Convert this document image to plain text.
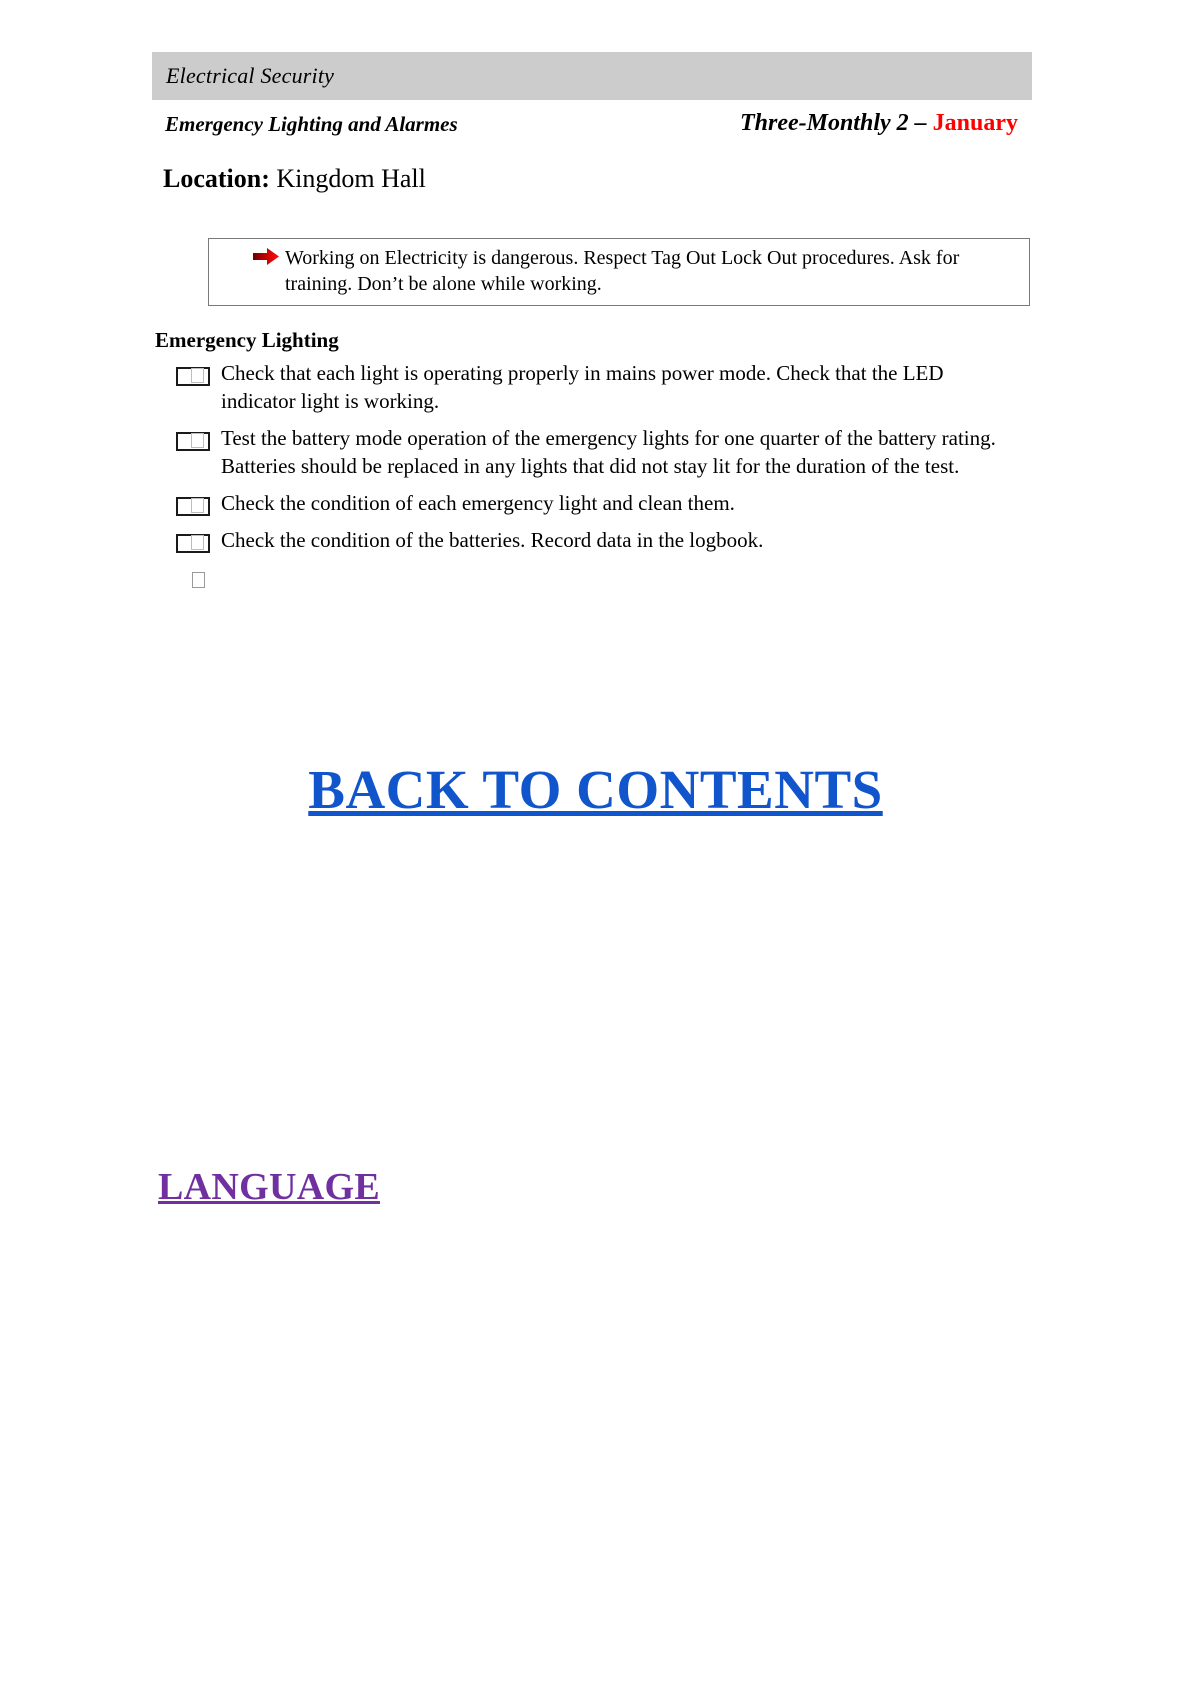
Electrical Security
Emergency Lighting and Alarmes	Three-Monthly 2 – January
Location: Kingdom Hall
Working on Electricity is dangerous. Respect Tag Out Lock Out procedures. Ask for training. Don’t be alone while working.
Emergency Lighting
Check that each light is operating properly in mains power mode. Check that the LED indicator light is working.
Test the battery mode operation of the emergency lights for one quarter of the battery rating. Batteries should be replaced in any lights that did not stay lit for the duration of the test.
Check the condition of each emergency light and clean them.
Check the condition of the batteries. Record data in the logbook.
BACK TO CONTENTS
LANGUAGE
